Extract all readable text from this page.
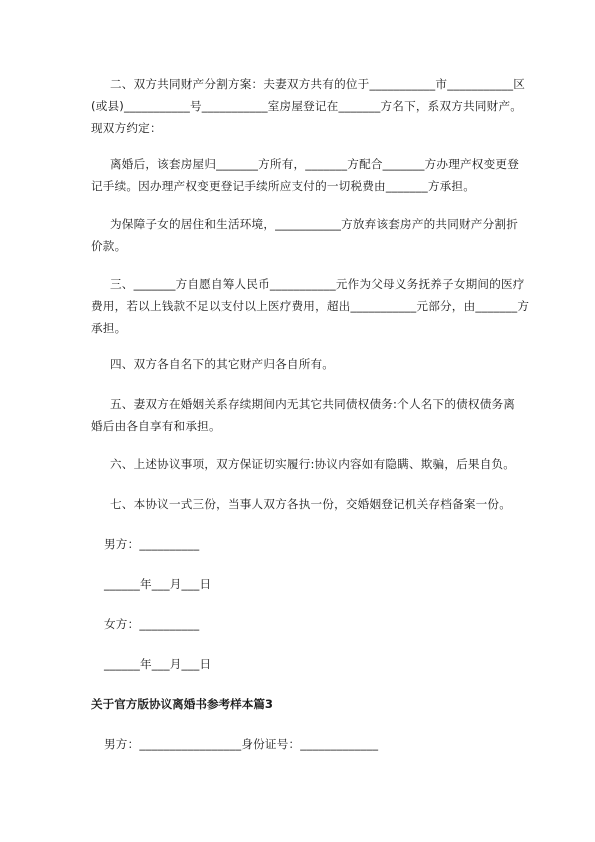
二、双方共同财产分割方案：夫妻双方共有的位于___________市___________区

(或县)___________号___________室房屋登记在_______方名下，系双方共同财产。

现双方约定：

离婚后，该套房屋归_______方所有，_______方配合_______方办理产权变更登

记手续。因办理产权变更登记手续所应支付的一切税费由_______方承担。

为保障子女的居住和生活环境，___________方放弃该套房产的共同财产分割折

价款。

三、_______方自愿自筹人民币___________元作为父母义务抚养子女期间的医疗

费用，若以上钱款不足以支付以上医疗费用，超出___________元部分，由_______方

承担。

四、双方各自名下的其它财产归各自所有。

五、妻双方在婚姻关系存续期间内无其它共同债权债务:个人名下的债权债务离

婚后由各自享有和承担。

六、上述协议事项，双方保证切实履行:协议内容如有隐瞒、欺骗，后果自负。

七、本协议一式三份，当事人双方各执一份，交婚姻登记机关存档备案一份。

男方：__________

______年___月___日

女方：__________

______年___月___日

关于官方版协议离婚书参考样本篇3

男方：_________________身份证号：_____________
